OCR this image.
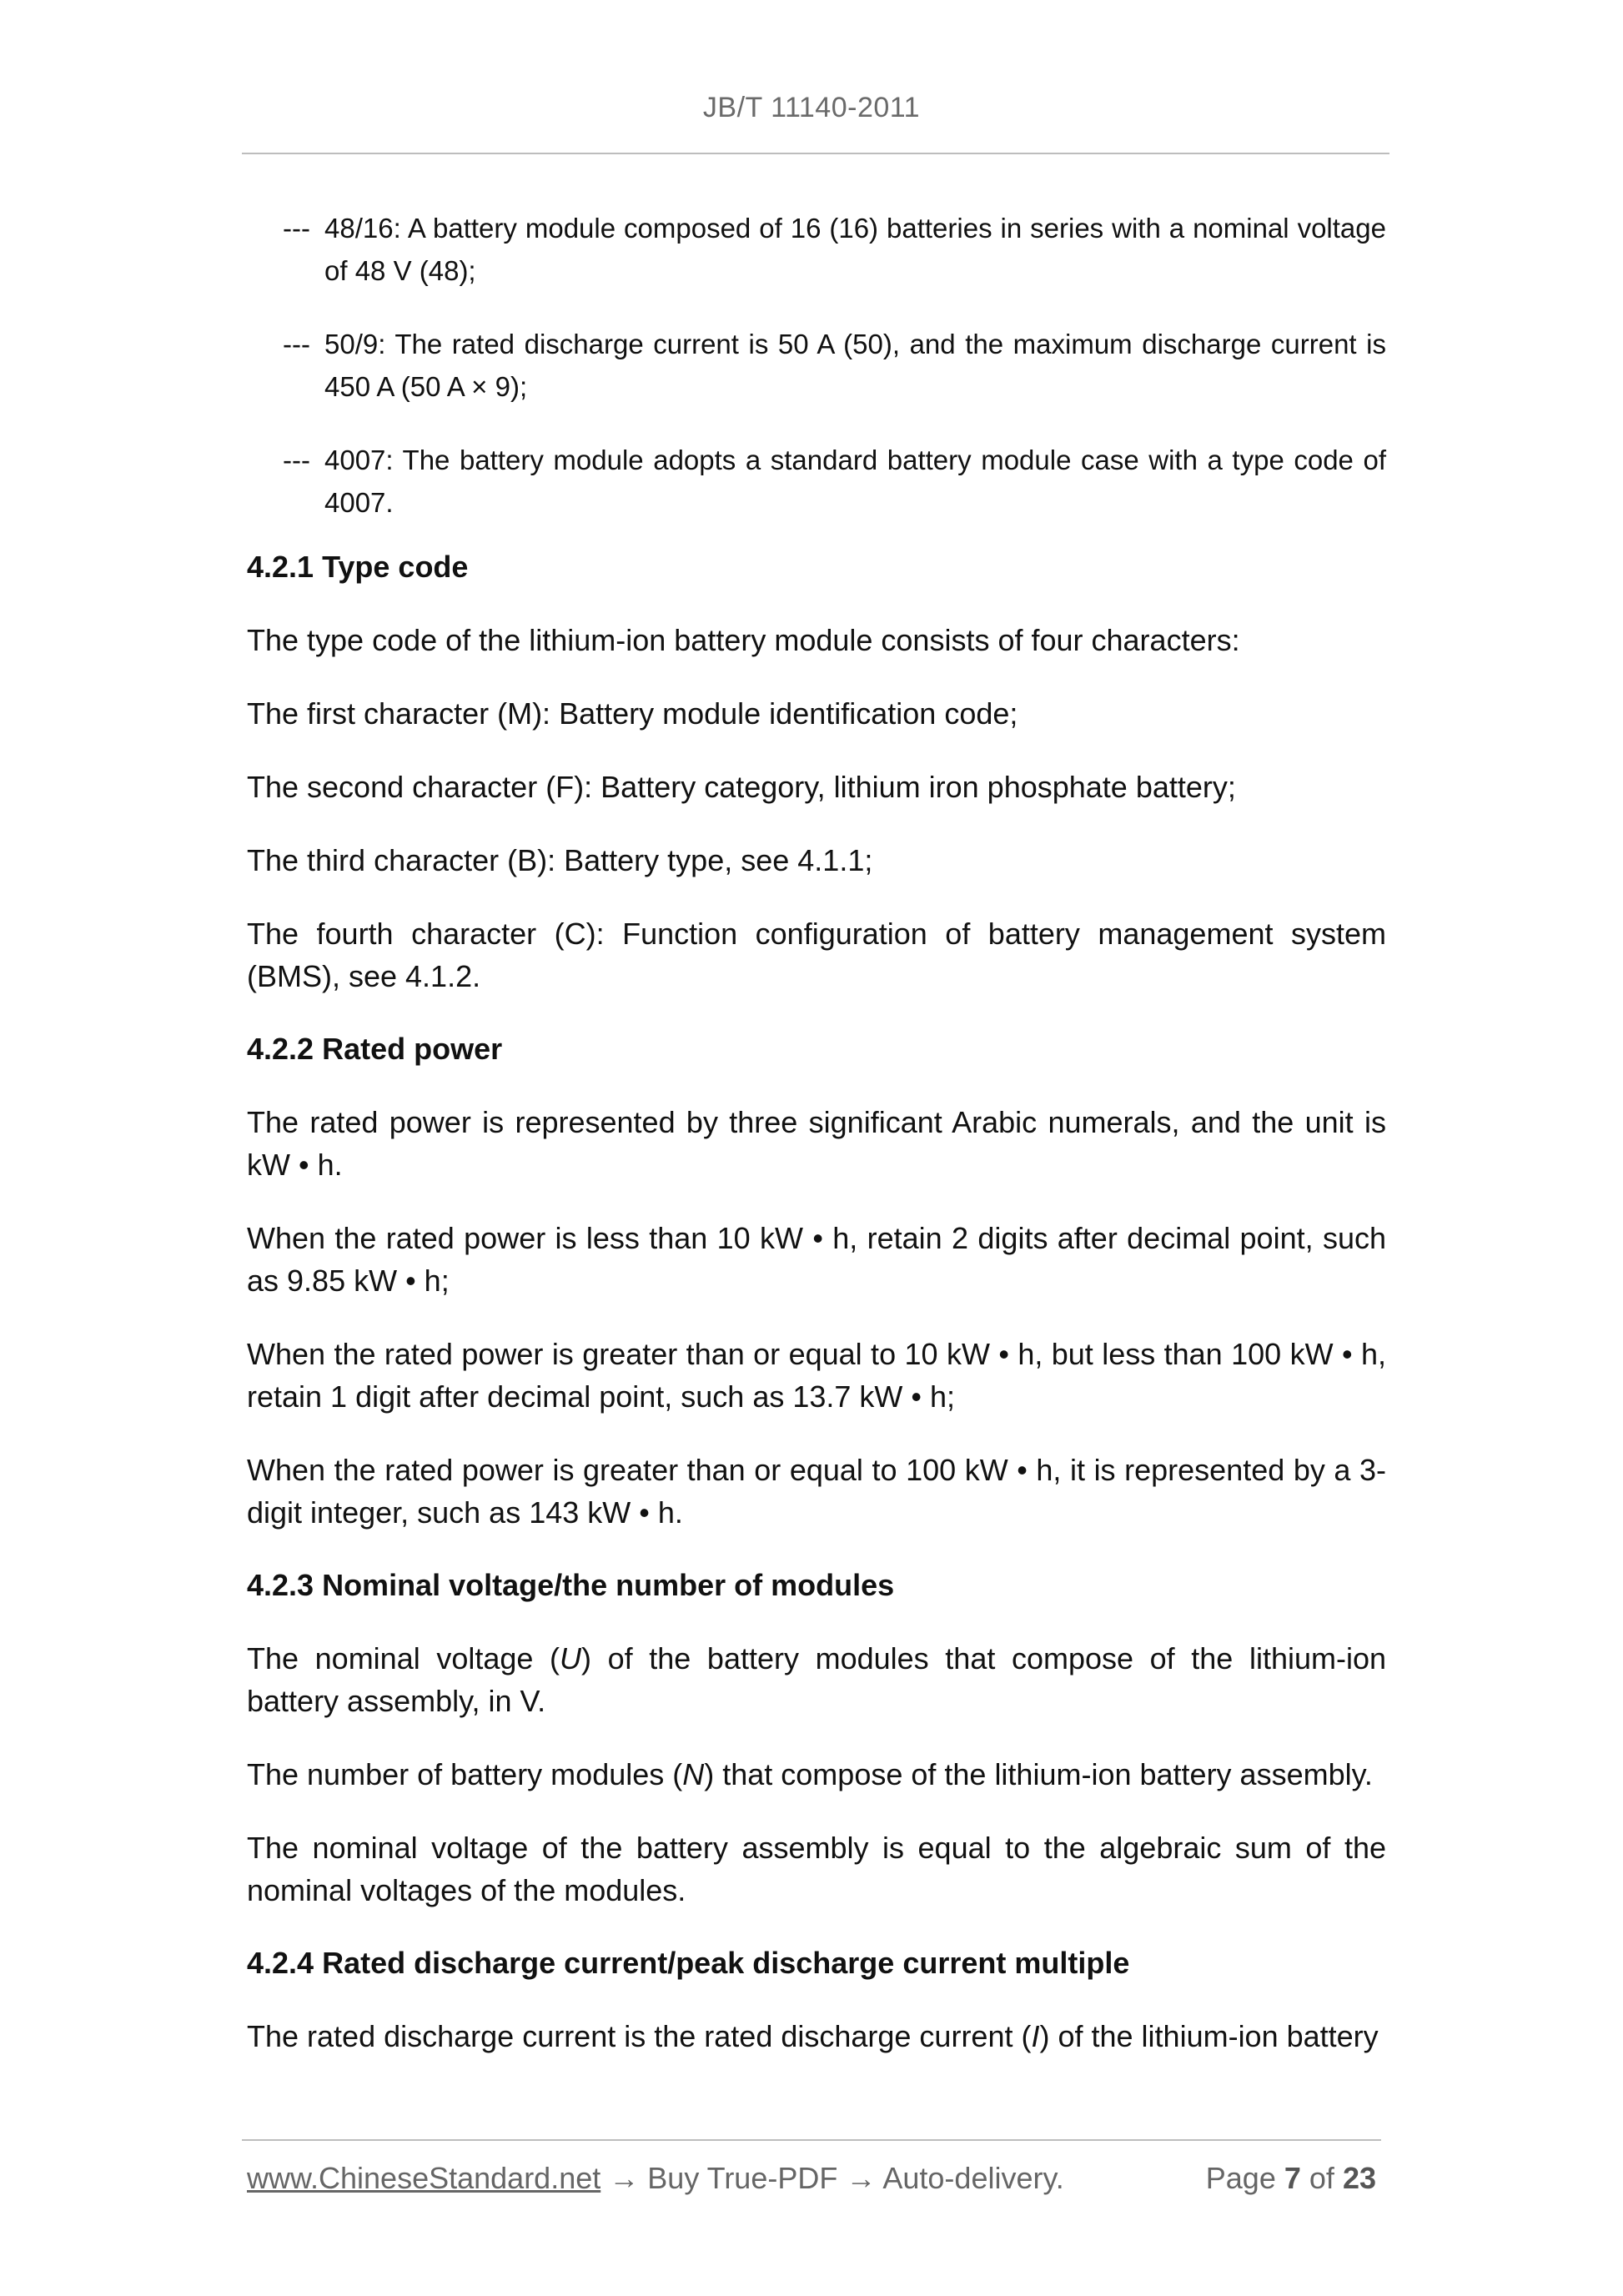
JB/T 11140-2011
--- 48/16: A battery module composed of 16 (16) batteries in series with a nominal voltage of 48 V (48);
--- 50/9: The rated discharge current is 50 A (50), and the maximum discharge current is 450 A (50 A × 9);
--- 4007: The battery module adopts a standard battery module case with a type code of 4007.
4.2.1 Type code

The type code of the lithium-ion battery module consists of four characters:

The first character (M): Battery module identification code;

The second character (F): Battery category, lithium iron phosphate battery;

The third character (B): Battery type, see 4.1.1;

The fourth character (C): Function configuration of battery management system (BMS), see 4.1.2.

4.2.2 Rated power

The rated power is represented by three significant Arabic numerals, and the unit is kW • h.

When the rated power is less than 10 kW • h, retain 2 digits after decimal point, such as 9.85 kW • h;

When the rated power is greater than or equal to 10 kW • h, but less than 100 kW • h, retain 1 digit after decimal point, such as 13.7 kW • h;

When the rated power is greater than or equal to 100 kW • h, it is represented by a 3-digit integer, such as 143 kW • h.

4.2.3 Nominal voltage/the number of modules

The nominal voltage (U) of the battery modules that compose of the lithium-ion battery assembly, in V.

The number of battery modules (N) that compose of the lithium-ion battery assembly.

The nominal voltage of the battery assembly is equal to the algebraic sum of the nominal voltages of the modules.

4.2.4 Rated discharge current/peak discharge current multiple

The rated discharge current is the rated discharge current (I) of the lithium-ion battery

www.ChineseStandard.net → Buy True-PDF → Auto-delivery.	Page 7 of 23
